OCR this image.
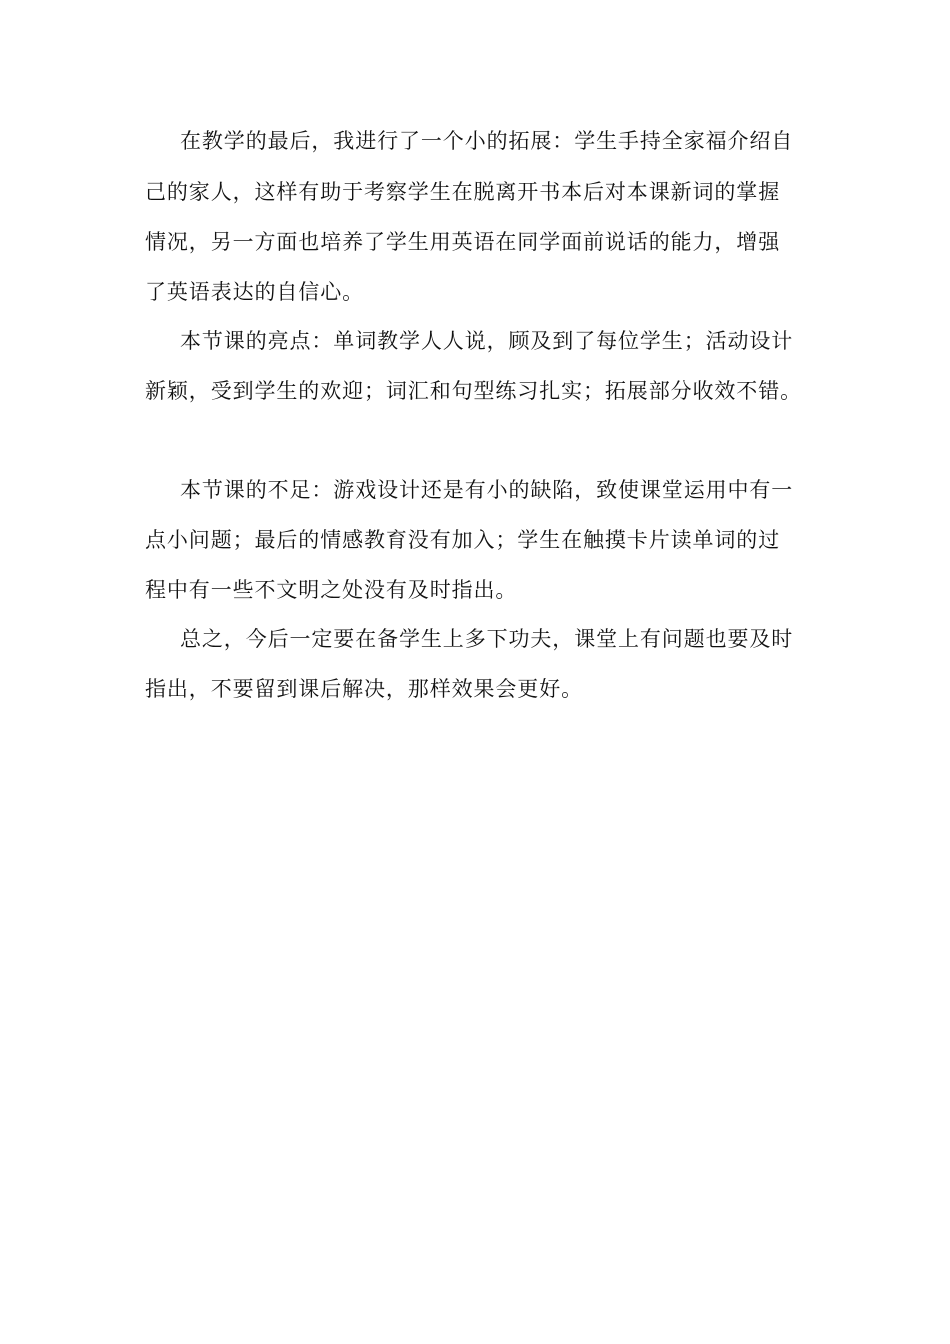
在教学的最后，我进行了一个小的拓展：学生手持全家福介绍自
己的家人，这样有助于考察学生在脱离开书本后对本课新词的掌握
情况，另一方面也培养了学生用英语在同学面前说话的能力，增强
了英语表达的自信心。
本节课的亮点：单词教学人人说，顾及到了每位学生；活动设计
新颖，受到学生的欢迎；词汇和句型练习扎实；拓展部分收效不错。
本节课的不足：游戏设计还是有小的缺陷，致使课堂运用中有一
点小问题；最后的情感教育没有加入；学生在触摸卡片读单词的过
程中有一些不文明之处没有及时指出。
总之，今后一定要在备学生上多下功夫，课堂上有问题也要及时
指出，不要留到课后解决，那样效果会更好。
